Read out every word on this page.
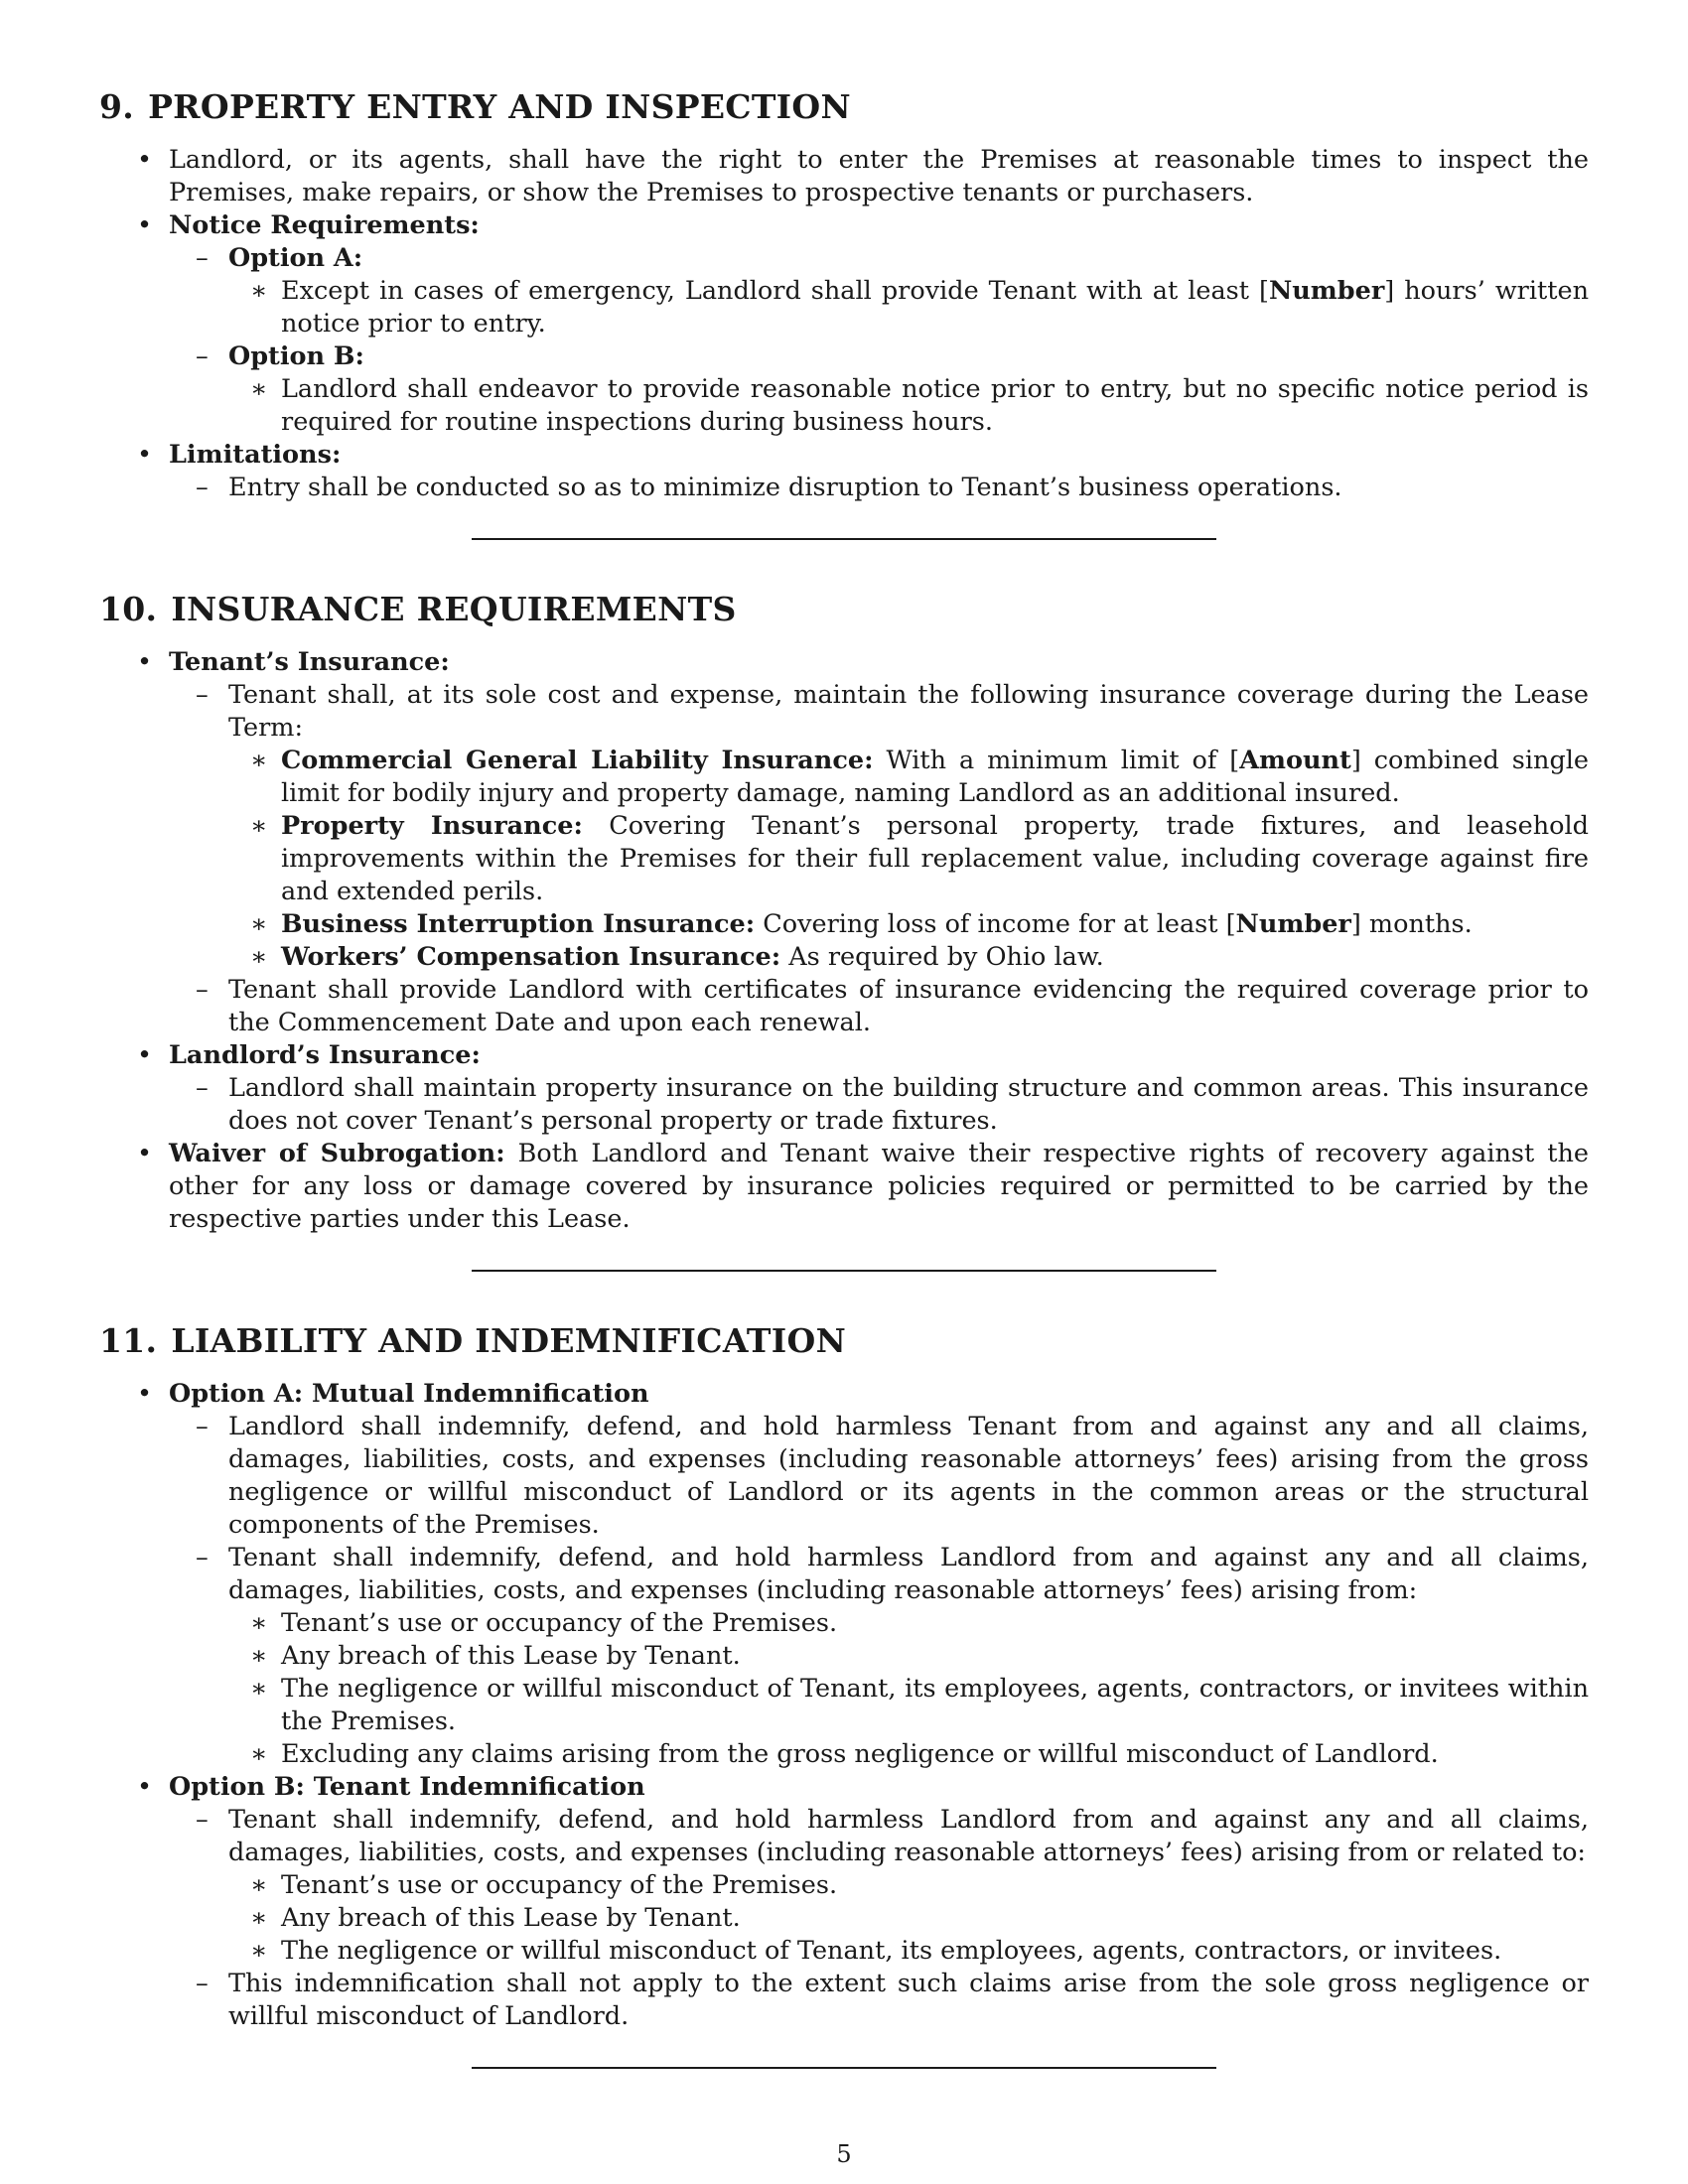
9. PROPERTY ENTRY AND INSPECTION
• Landlord, or its agents, shall have the right to enter the Premises at reasonable times to inspect the Premises, make repairs, or show the Premises to prospective tenants or purchasers.
• Notice Requirements:
– Option A:
∗ Except in cases of emergency, Landlord shall provide Tenant with at least [Number] hours’ written notice prior to entry.
– Option B:
∗ Landlord shall endeavor to provide reasonable notice prior to entry, but no specific notice period is required for routine inspections during business hours.
• Limitations:
– Entry shall be conducted so as to minimize disruption to Tenant’s business operations.
10. INSURANCE REQUIREMENTS
• Tenant’s Insurance:
– Tenant shall, at its sole cost and expense, maintain the following insurance coverage during the Lease Term:
∗ Commercial General Liability Insurance: With a minimum limit of [Amount] combined single limit for bodily injury and property damage, naming Landlord as an additional insured.
∗ Property Insurance: Covering Tenant’s personal property, trade fixtures, and leasehold improvements within the Premises for their full replacement value, including coverage against fire and extended perils.
∗ Business Interruption Insurance: Covering loss of income for at least [Number] months.
∗ Workers’ Compensation Insurance: As required by Ohio law.
– Tenant shall provide Landlord with certificates of insurance evidencing the required coverage prior to the Commencement Date and upon each renewal.
• Landlord’s Insurance:
– Landlord shall maintain property insurance on the building structure and common areas. This insurance does not cover Tenant’s personal property or trade fixtures.
• Waiver of Subrogation: Both Landlord and Tenant waive their respective rights of recovery against the other for any loss or damage covered by insurance policies required or permitted to be carried by the respective parties under this Lease.
11. LIABILITY AND INDEMNIFICATION
• Option A: Mutual Indemnification
– Landlord shall indemnify, defend, and hold harmless Tenant from and against any and all claims, damages, liabilities, costs, and expenses (including reasonable attorneys’ fees) arising from the gross negligence or willful misconduct of Landlord or its agents in the common areas or the structural components of the Premises.
– Tenant shall indemnify, defend, and hold harmless Landlord from and against any and all claims, damages, liabilities, costs, and expenses (including reasonable attorneys’ fees) arising from:
∗ Tenant’s use or occupancy of the Premises.
∗ Any breach of this Lease by Tenant.
∗ The negligence or willful misconduct of Tenant, its employees, agents, contractors, or invitees within the Premises.
∗ Excluding any claims arising from the gross negligence or willful misconduct of Landlord.
• Option B: Tenant Indemnification
– Tenant shall indemnify, defend, and hold harmless Landlord from and against any and all claims, damages, liabilities, costs, and expenses (including reasonable attorneys’ fees) arising from or related to:
∗ Tenant’s use or occupancy of the Premises.
∗ Any breach of this Lease by Tenant.
∗ The negligence or willful misconduct of Tenant, its employees, agents, contractors, or invitees.
– This indemnification shall not apply to the extent such claims arise from the sole gross negligence or willful misconduct of Landlord.
5
